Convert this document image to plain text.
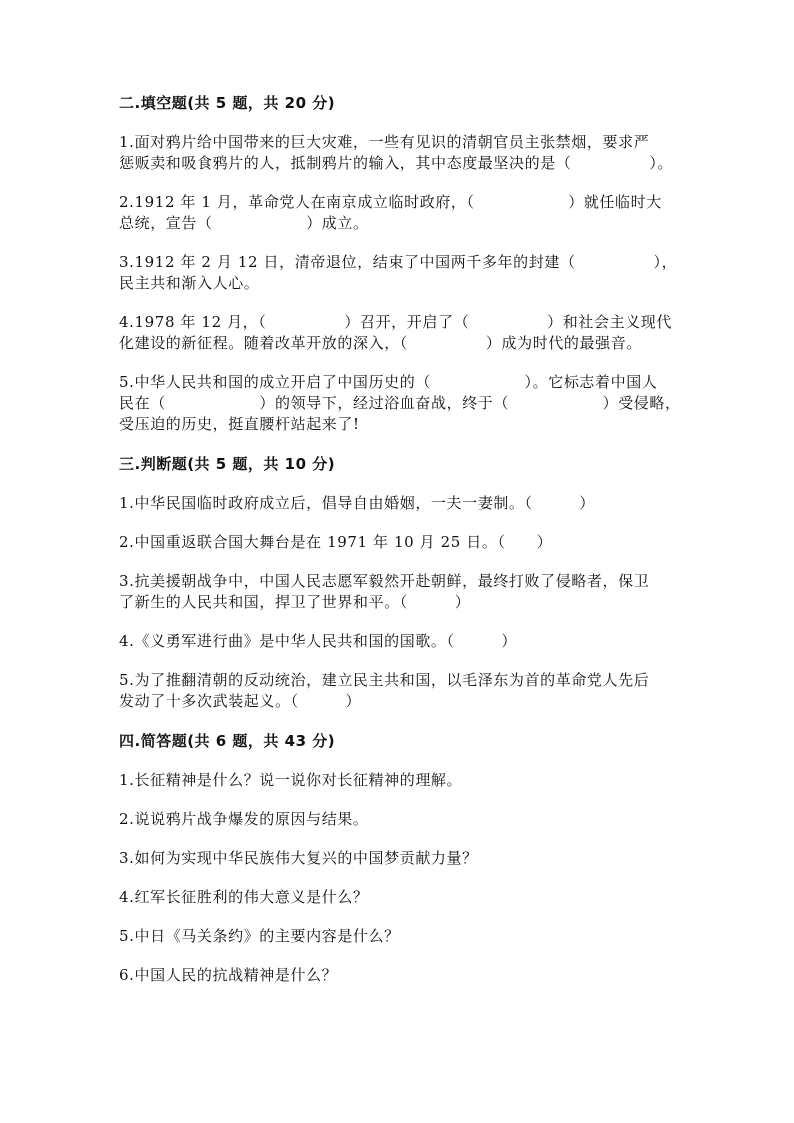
二.填空题(共 5 题，共 20 分)
1.面对鸦片给中国带来的巨大灾难，一些有见识的清朝官员主张禁烟，要求严
惩贩卖和吸食鸦片的人，抵制鸦片的输入，其中态度最坚决的是（　　　　　）。
2.1912 年 1 月，革命党人在南京成立临时政府，（　　　　　　）就任临时大
总统，宣告（　　　　　　）成立。
3.1912 年 2 月 12 日，清帝退位，结束了中国两千多年的封建（　　　　　），
民主共和渐入人心。
4.1978 年 12 月，（　　　　　）召开，开启了（　　　　　）和社会主义现代
化建设的新征程。随着改革开放的深入，（　　　　　）成为时代的最强音。
5.中华人民共和国的成立开启了中国历史的（　　　　　　）。它标志着中国人
民在（　　　　　　）的领导下，经过浴血奋战，终于（　　　　　　）受侵略，
受压迫的历史，挺直腰杆站起来了!
三.判断题(共 5 题，共 10 分)
1.中华民国临时政府成立后，倡导自由婚姻，一夫一妻制。（　　　）
2.中国重返联合国大舞台是在 1971 年 10 月 25 日。（　　）
3.抗美援朝战争中，中国人民志愿军毅然开赴朝鲜，最终打败了侵略者，保卫
了新生的人民共和国，捍卫了世界和平。（　　　）
4.《义勇军进行曲》是中华人民共和国的国歌。（　　　）
5.为了推翻清朝的反动统治，建立民主共和国，以毛泽东为首的革命党人先后
发动了十多次武装起义。（　　　）
四.简答题(共 6 题，共 43 分)
1.长征精神是什么？说一说你对长征精神的理解。
2.说说鸦片战争爆发的原因与结果。
3.如何为实现中华民族伟大复兴的中国梦贡献力量？
4.红军长征胜利的伟大意义是什么？
5.中日《马关条约》的主要内容是什么？
6.中国人民的抗战精神是什么？
